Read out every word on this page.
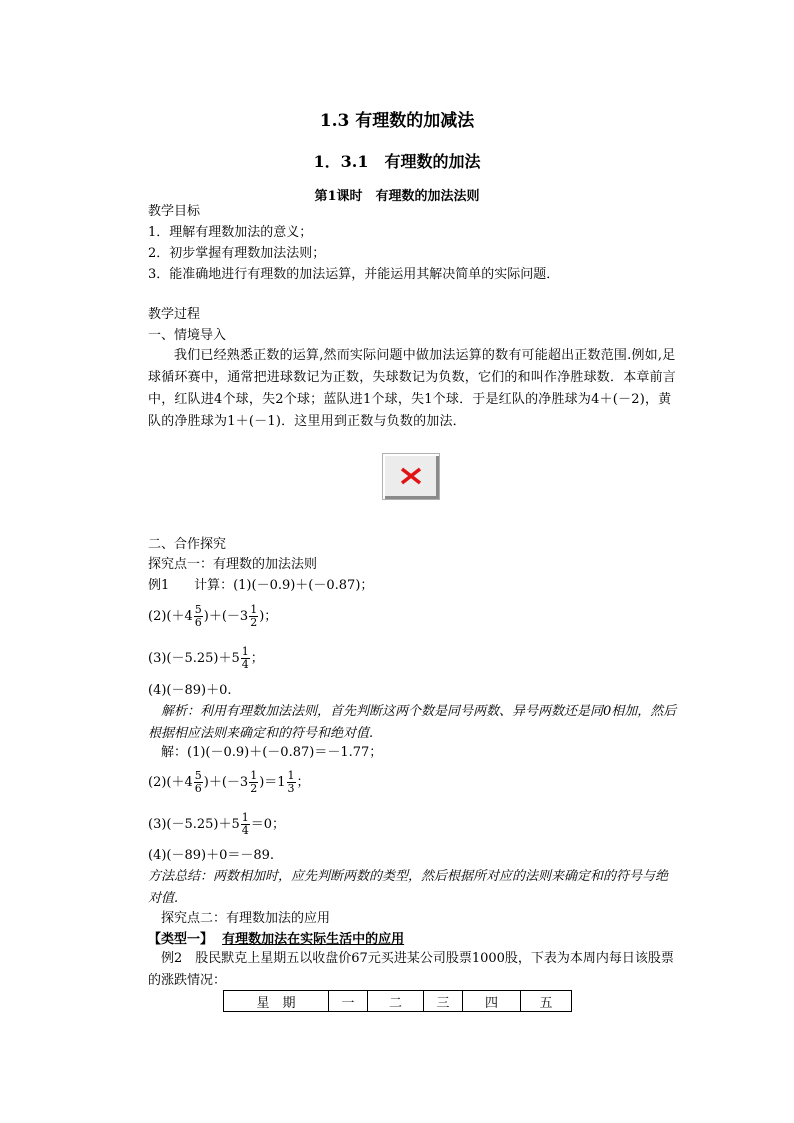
1.3 有理数的加减法
1．3.1　有理数的加法
第1课时　有理数的加法法则
教学目标
1．理解有理数加法的意义；
2．初步掌握有理数加法法则；
3．能准确地进行有理数的加法运算，并能运用其解决简单的实际问题．
教学过程
一、情境导入
我们已经熟悉正数的运算,然而实际问题中做加法运算的数有可能超出正数范围.例如,足球循环赛中，通常把进球数记为正数，失球数记为负数，它们的和叫作净胜球数．本章前言中，红队进4个球，失2个球；蓝队进1个球，失1个球．于是红队的净胜球为4＋(－2)，黄队的净胜球为1＋(－1)．这里用到正数与负数的加法．
二、合作探究
探究点一：有理数的加法法则
例1 计算：(1)(－0.9)＋(－0.87)；
$(2)(+4 \frac{5}{6} )+(-3 \frac{1}{2}$ )；
$(3)(-5.25)+5 \frac{1}{4}$ ；
(4)(－89)＋0.
解析：利用有理数加法法则，首先判断这两个数是同号两数、异号两数还是同0相加，然后根据相应法则来确定和的符号和绝对值.
解：(1)(－0.9)＋(－0.87)＝－1.77；
$(2)(+4 \frac{5}{6} )+(-3 \frac{1}{2} )=1 \frac{1}{3}$ ；
$(3)(-5.25)+5 \frac{1}{4} =0$；
(4)(－89)＋0＝－89.
方法总结：两数相加时，应先判断两数的类型，然后根据所对应的法则来确定和的符号与绝对值.
探究点二：有理数加法的应用
【类型一】 有理数加法在实际生活中的应用
例2　股民默克上星期五以收盘价67元买进某公司股票1000股，下表为本周内每日该股票的涨跌情况：
星　期	一	二	三	四	五
